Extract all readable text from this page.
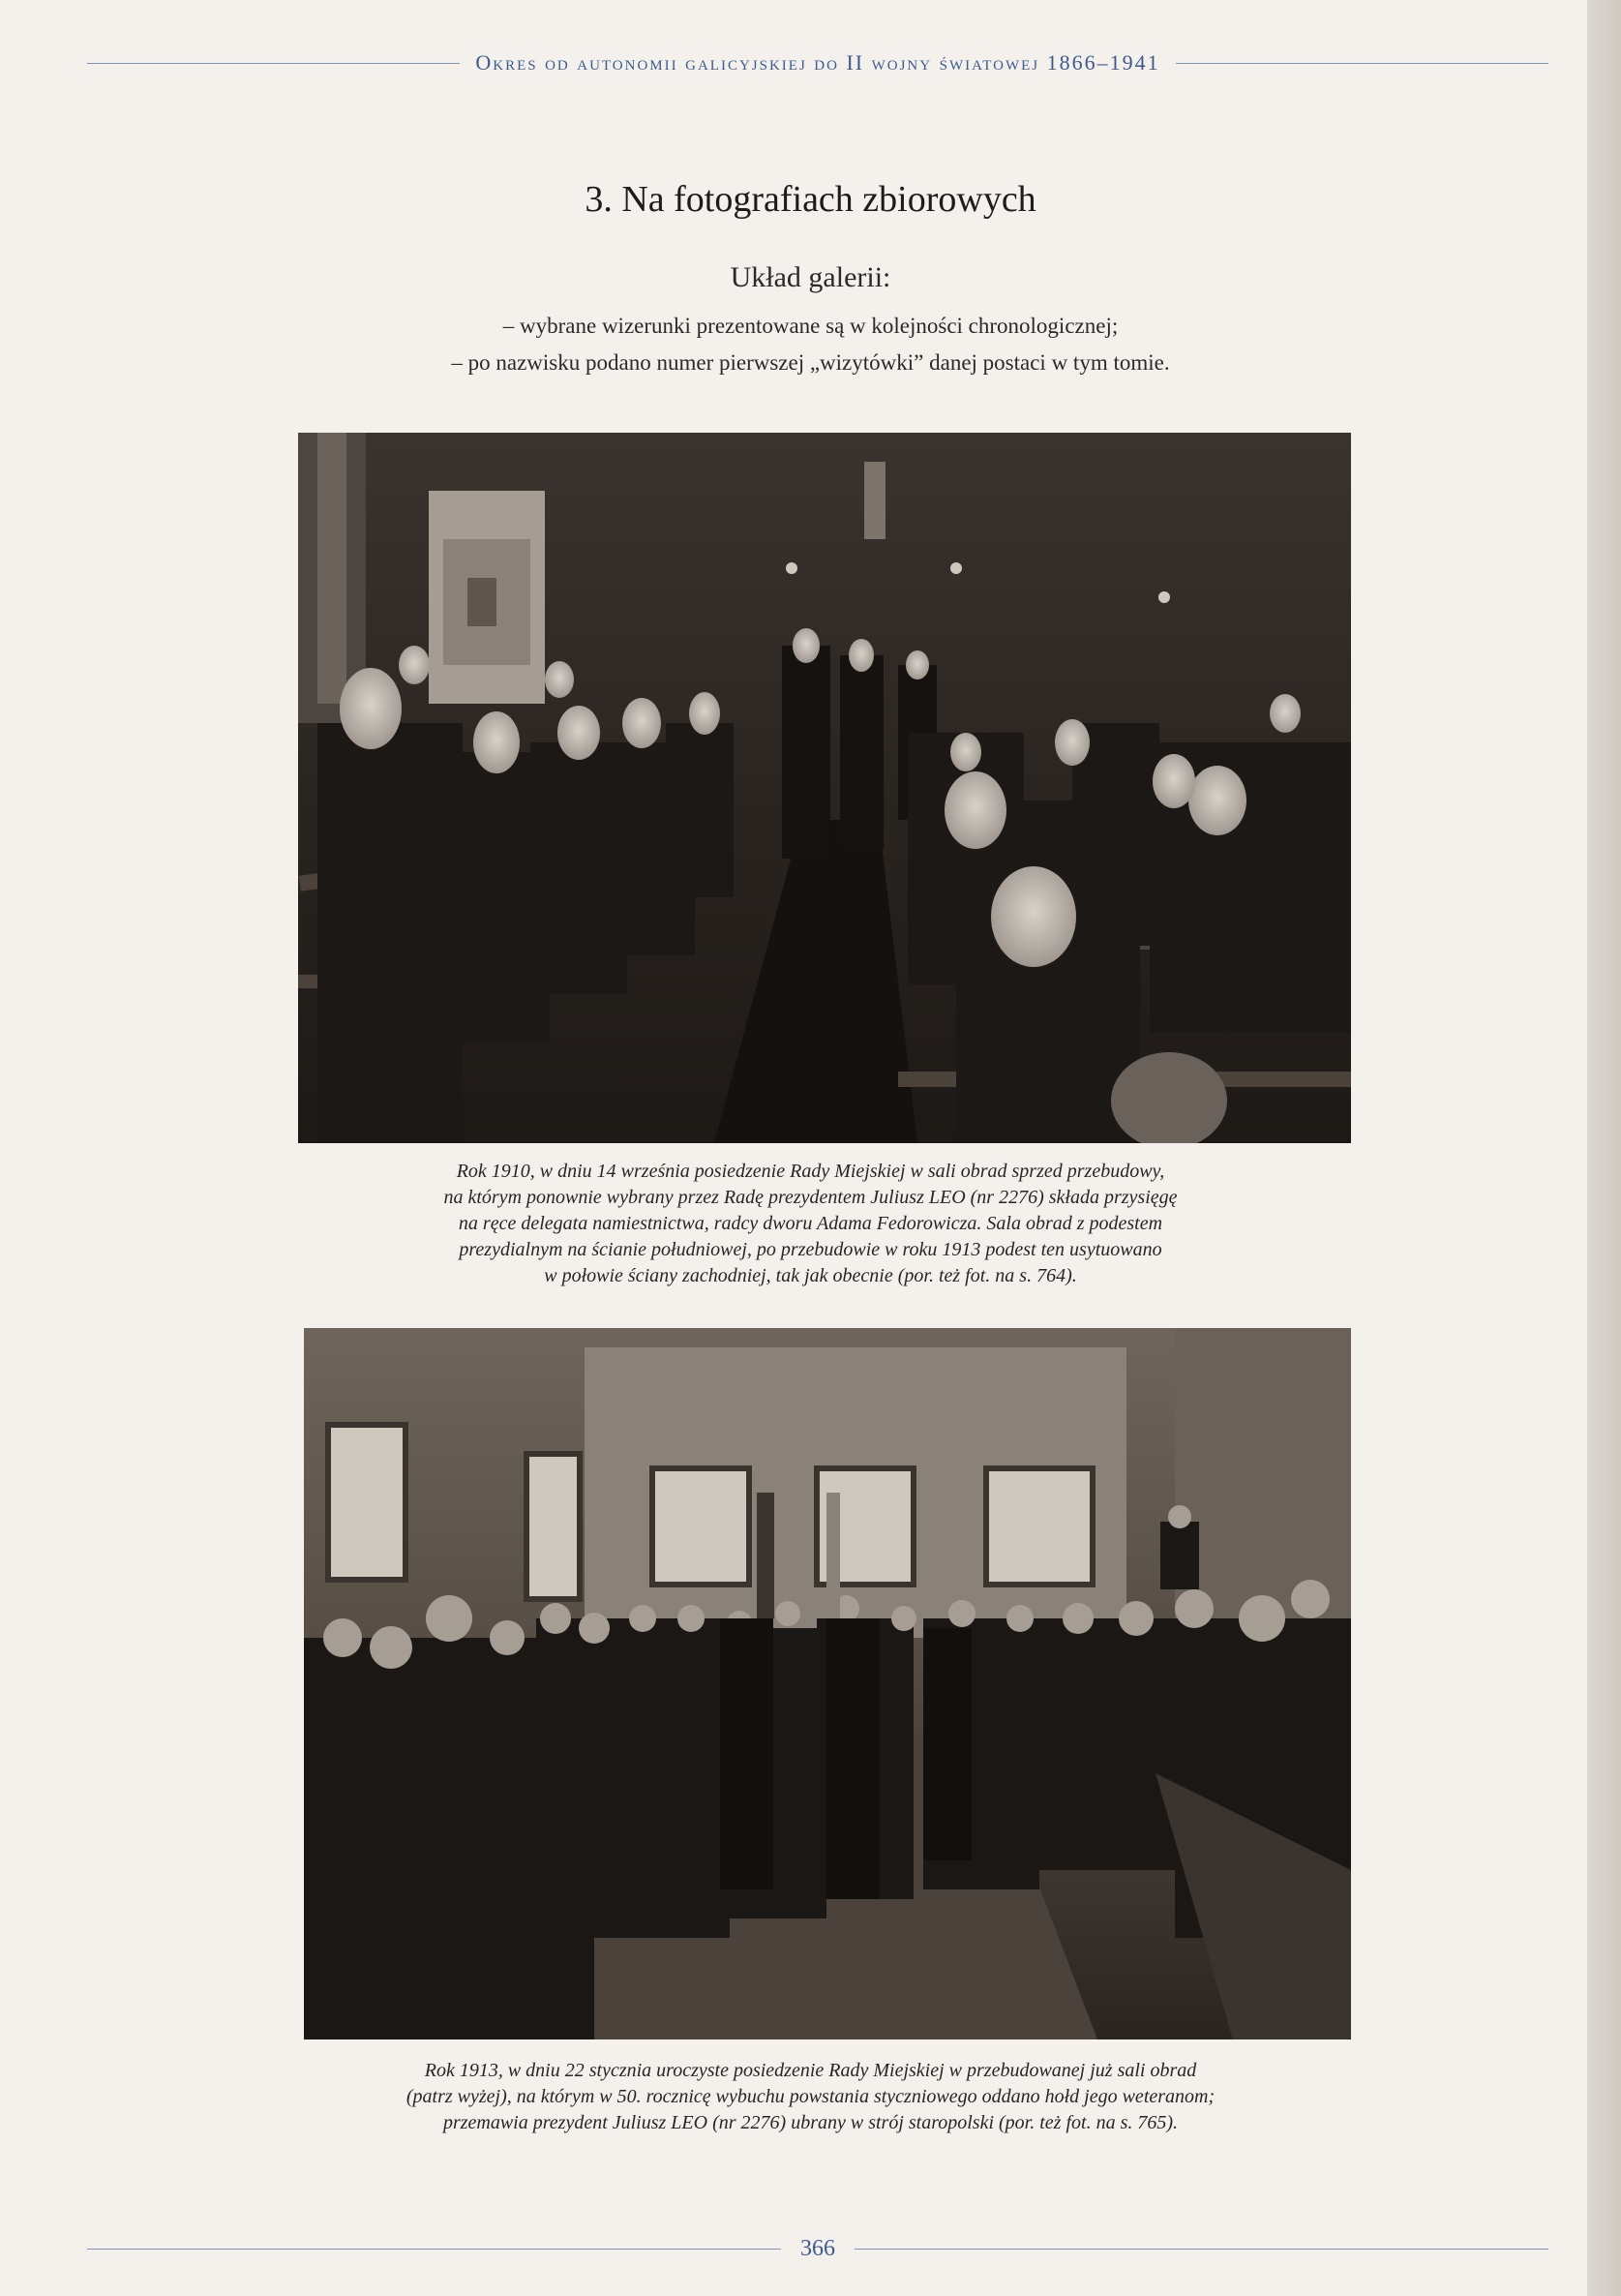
Okres od autonomii galicyjskiej do II wojny światowej 1866–1941
3. Na fotografiach zbiorowych
Układ galerii:
– wybrane wizerunki prezentowane są w kolejności chronologicznej;
– po nazwisku podano numer pierwszej „wizytówki” danej postaci w tym tomie.
Rok 1910, w dniu 14 września posiedzenie Rady Miejskiej w sali obrad sprzed przebudowy,
na którym ponownie wybrany przez Radę prezydentem Juliusz LEO (nr 2276) składa przysięgę
na ręce delegata namiestnictwa, radcy dworu Adama Fedorowicza. Sala obrad z podestem
prezydialnym na ścianie południowej, po przebudowie w roku 1913 podest ten usytuowano
w połowie ściany zachodniej, tak jak obecnie (por. też fot. na s. 764).
Rok 1913, w dniu 22 stycznia uroczyste posiedzenie Rady Miejskiej w przebudowanej już sali obrad
(patrz wyżej), na którym w 50. rocznicę wybuchu powstania styczniowego oddano hołd jego weteranom;
przemawia prezydent Juliusz LEO (nr 2276) ubrany w strój staropolski (por. też fot. na s. 765).
366
